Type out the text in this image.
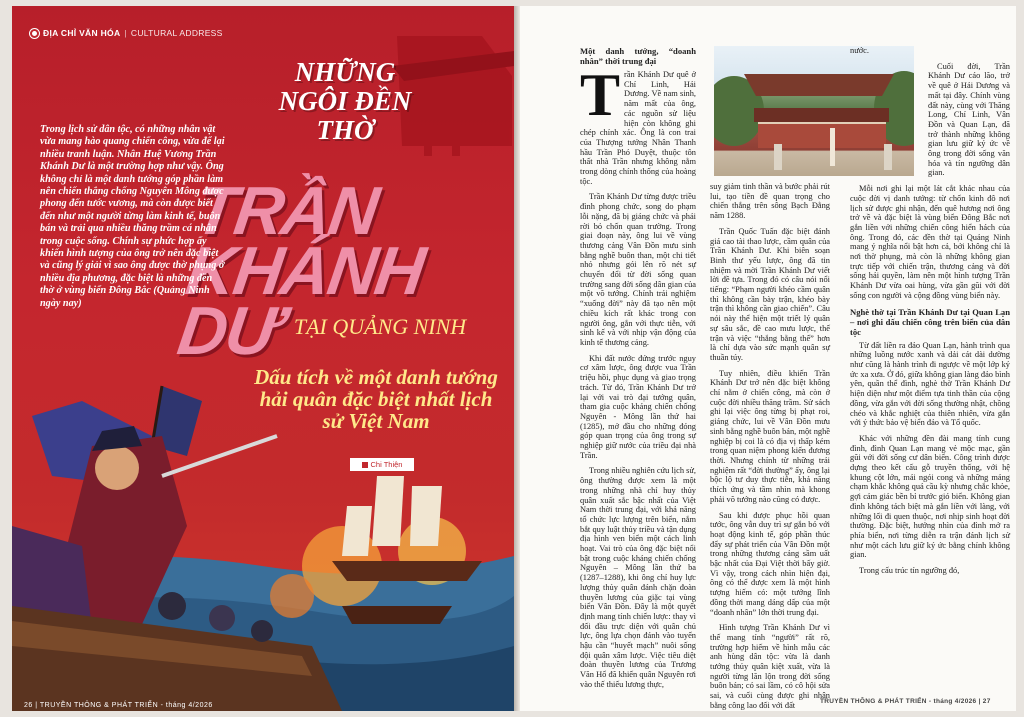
ĐỊA CHỈ VĂN HÓA | CULTURAL ADDRESS
NHỮNG NGÔI ĐỀN THỜ
TRẦN KHÁNH DƯ TẠI QUẢNG NINH
Dấu tích về một danh tướng hải quân đặc biệt nhất lịch sử Việt Nam
Chi Thiện
Trong lịch sử dân tộc, có những nhân vật vừa mang hào quang chiến công, vừa để lại nhiều tranh luận. Nhân Huệ Vương Trần Khánh Dư là một trường hợp như vậy. Ông không chỉ là một danh tướng góp phần làm nên chiến thắng chống Nguyên Mông được phong đến tước vương, mà còn được biết đến như một người từng làm kinh tế, buôn bán và trải qua nhiều thăng trầm cá nhân trong cuộc sống. Chính sự phức hợp ấy khiến hình tượng của ông trở nên đặc biệt và cũng lý giải vì sao ông được thờ phụng ở nhiều địa phương, đặc biệt là những đền thờ ở vùng biển Đông Bắc (Quảng Ninh ngày nay)
26 | TRUYỀN THÔNG & PHÁT TRIỂN - tháng 4/2026
Một danh tướng, “doanh nhân” thời trung đại

Trần Khánh Dư quê ở Chí Linh, Hải Dương. Về nam sinh, năm mất của ông, các nguồn sử liệu hiện còn không ghi chép chính xác. Ông là con trai của Thượng tướng Nhân Thanh hầu Trần Phó Duyệt, thuộc tôn thất nhà Trần nhưng không nằm trong dòng chính thống của hoàng tộc.

Trần Khánh Dư từng được triều đình phong chức, song do phạm lỗi nặng, đã bị giáng chức và phải rời bỏ chốn quan trường. Trong giai đoạn này, ông lui về vùng thương cảng Vân Đồn mưu sinh bằng nghề buôn than, một chi tiết nhỏ nhưng gói lên rõ nét sự chuyển đổi từ đời sống quan trường sang đời sống dân gian của một võ tướng. Chính trải nghiệm “xuống đời” này đã tạo nên một chiều kích rất khác trong con người ông, gắn với thực tiễn, với sinh kế và với nhịp vận động của kinh tế thương cảng.

Khi đất nước đứng trước nguy cơ xâm lược, ông được vua Trần triệu hồi, phục dụng và giao trọng trách. Từ đó, Trần Khánh Dư trở lại với vai trò đại tướng quân, tham gia cuộc kháng chiến chống Nguyên - Mông lần thứ hai (1285), mở đầu cho những đóng góp quan trọng của ông trong sự nghiệp giữ nước của triều đại nhà Trần.

Trong nhiều nghiên cứu lịch sử, ông thường được xem là một trong những nhà chỉ huy thủy quân xuất sắc bậc nhất của Việt Nam thời trung đại, với khả năng tổ chức lực lượng trên biển, nắm bắt quy luật thủy triều và tận dụng địa hình ven biển một cách linh hoạt. Vai trò của ông đặc biệt nổi bật trong cuộc kháng chiến chống Nguyên – Mông lần thứ ba (1287–1288), khi ông chỉ huy lực lượng thủy quân đánh chặn đoàn thuyền lương của giặc tại vùng biển Vân Đồn. Đây là một quyết định mang tính chiến lược: thay vì đối đầu trực diện với quân chủ lực, ông lựa chọn đánh vào tuyến hậu cần “huyết mạch” nuôi sống đội quân xâm lược. Việc tiêu diệt đoàn thuyền lương của Trương Văn Hổ đã khiến quân Nguyên rơi vào thế thiếu lương thực,

suy giảm tinh thần và bước phải rút lui, tạo tiền đề quan trọng cho chiến thắng trên sông Bạch Đằng năm 1288.

Trần Quốc Tuấn đặc biệt đánh giá cao tài thao lược, cầm quân của Trần Khánh Dư. Khi biên soạn Binh thư yếu lược, ông đã tin nhiệm và mời Trần Khánh Dư viết lời đề tựa. Trong đó có câu nói nổi tiếng: “Phạm người khéo cầm quân thì không cần bày trận, khéo bày trận thì không cần giao chiến”. Câu nói này thể hiện một triết lý quân sự sâu sắc, đề cao mưu lược, thế trận và việc “thắng bằng thế” hơn là chỉ dựa vào sức mạnh quân sự thuần túy.

Tuy nhiên, điều khiến Trần Khánh Dư trở nên đặc biệt không chỉ nằm ở chiến công, mà còn ở cuộc đời nhiều thăng trầm. Sử sách ghi lại việc ông từng bị phạt roi, giáng chức, lui về Vân Đồn mưu sinh bằng nghề buôn bán, một nghề nghiệp bị coi là có địa vị thấp kém trong quan niệm phong kiến đương thời. Nhưng chính từ những trải nghiệm rất “đời thường” ấy, ông lại bộc lộ tư duy thực tiễn, khả năng thích ứng và tầm nhìn mà khong phải võ tướng nào cũng có được.

Sau khi được phục hồi quan tước, ông vẫn duy trì sự gắn bó với hoạt động kinh tế, góp phần thúc đẩy sự phát triển của Vân Đồn một trong những thương cảng sầm uất bậc nhất của Đại Việt thời bấy giờ. Vì vậy, trong cách nhìn hiện đại, ông có thể được xem là một hình tượng hiếm có: một tướng lĩnh đồng thời mang dáng dấp của một “doanh nhân” lớn thời trung đại.

Hình tượng Trần Khánh Dư vì thế mang tính “người” rất rõ, trường hợp hiếm về hình mẫu các anh hùng dân tộc: vừa là danh tướng thủy quân kiệt xuất, vừa là người từng lăn lộn trong đời sống buôn bán; có sai lầm, có cô hội sửa sai, và cuối cùng được ghi nhận bằng công lao đối với đất

nước.

Cuối đời, Trần Khánh Dư cáo lão, trở về quê ở Hải Dương và mất tại đây. Chính vùng đất này, cùng với Thăng Long, Chí Linh, Vân Đồn và Quan Lạn, đã trở thành những không gian lưu giữ ký ức về ông trong đời sống văn hóa và tín ngưỡng dân gian.

Mỗi nơi ghi lại một lát cắt khác nhau của cuộc đời vị danh tướng: từ chốn kinh đô nơi lịch sử được ghi nhận, đến quê hương nơi ông trở về và đặc biệt là vùng biển Đông Bắc nơi gắn liền với những chiến công hiển hách của ông. Trong đó, các đền thờ tại Quảng Ninh mang ý nghĩa nổi bật hơn cả, bởi không chỉ là nơi thờ phụng, mà còn là những không gian trực tiếp với chiến trận, thương cảng và đời sống hải quyền, làm nên một hình tượng Trần Khánh Dư vừa oai hùng, vừa gần gũi với đời sống con người và cộng đồng vùng biển này.

Nghè thờ tại Trần Khánh Dư tại Quan Lạn – nơi ghi dấu chiến công trên biển của dân tộc

Từ đất liền ra đảo Quan Lạn, hành trình qua những luồng nước xanh và dải cát dài dường như cũng là hành trình đi ngược về một lớp ký ức xa xưa. Ở đó, giữa không gian làng đảo bình yên, quần thể đình, nghè thờ Trần Khánh Dư hiện diện như một điểm tựa tinh thần của cộng đồng, vừa gắn với đời sống thường nhật, chồng chéo và khắc nghiệt của thiên nhiên, vừa gắn với ý thức bảo vệ biển đảo và Tổ quốc.

Khác với những đền đài mang tính cung đình, đình Quan Lạn mang vẻ mộc mạc, gần gũi với đời sống cư dân biển. Công trình được dựng theo kết cấu gỗ truyền thống, với hệ khung cột lớn, mái ngói cong và những mảng chạm khắc không quá cầu kỳ nhưng chắc khỏe, gợi cảm giác bền bỉ trước gió biển. Không gian đình không tách biệt mà gắn liền với làng, với những lối đi quen thuộc, nơi nhịp sinh hoạt đời thường. Đặc biệt, hướng nhìn của đình mở ra phía biển, nơi từng diễn ra trận đánh lịch sử như một cách lưu giữ ký ức bằng chính không gian.

Trong cấu trúc tín ngưỡng đó,

TRUYỀN THÔNG & PHÁT TRIỂN - tháng 4/2026 | 27
